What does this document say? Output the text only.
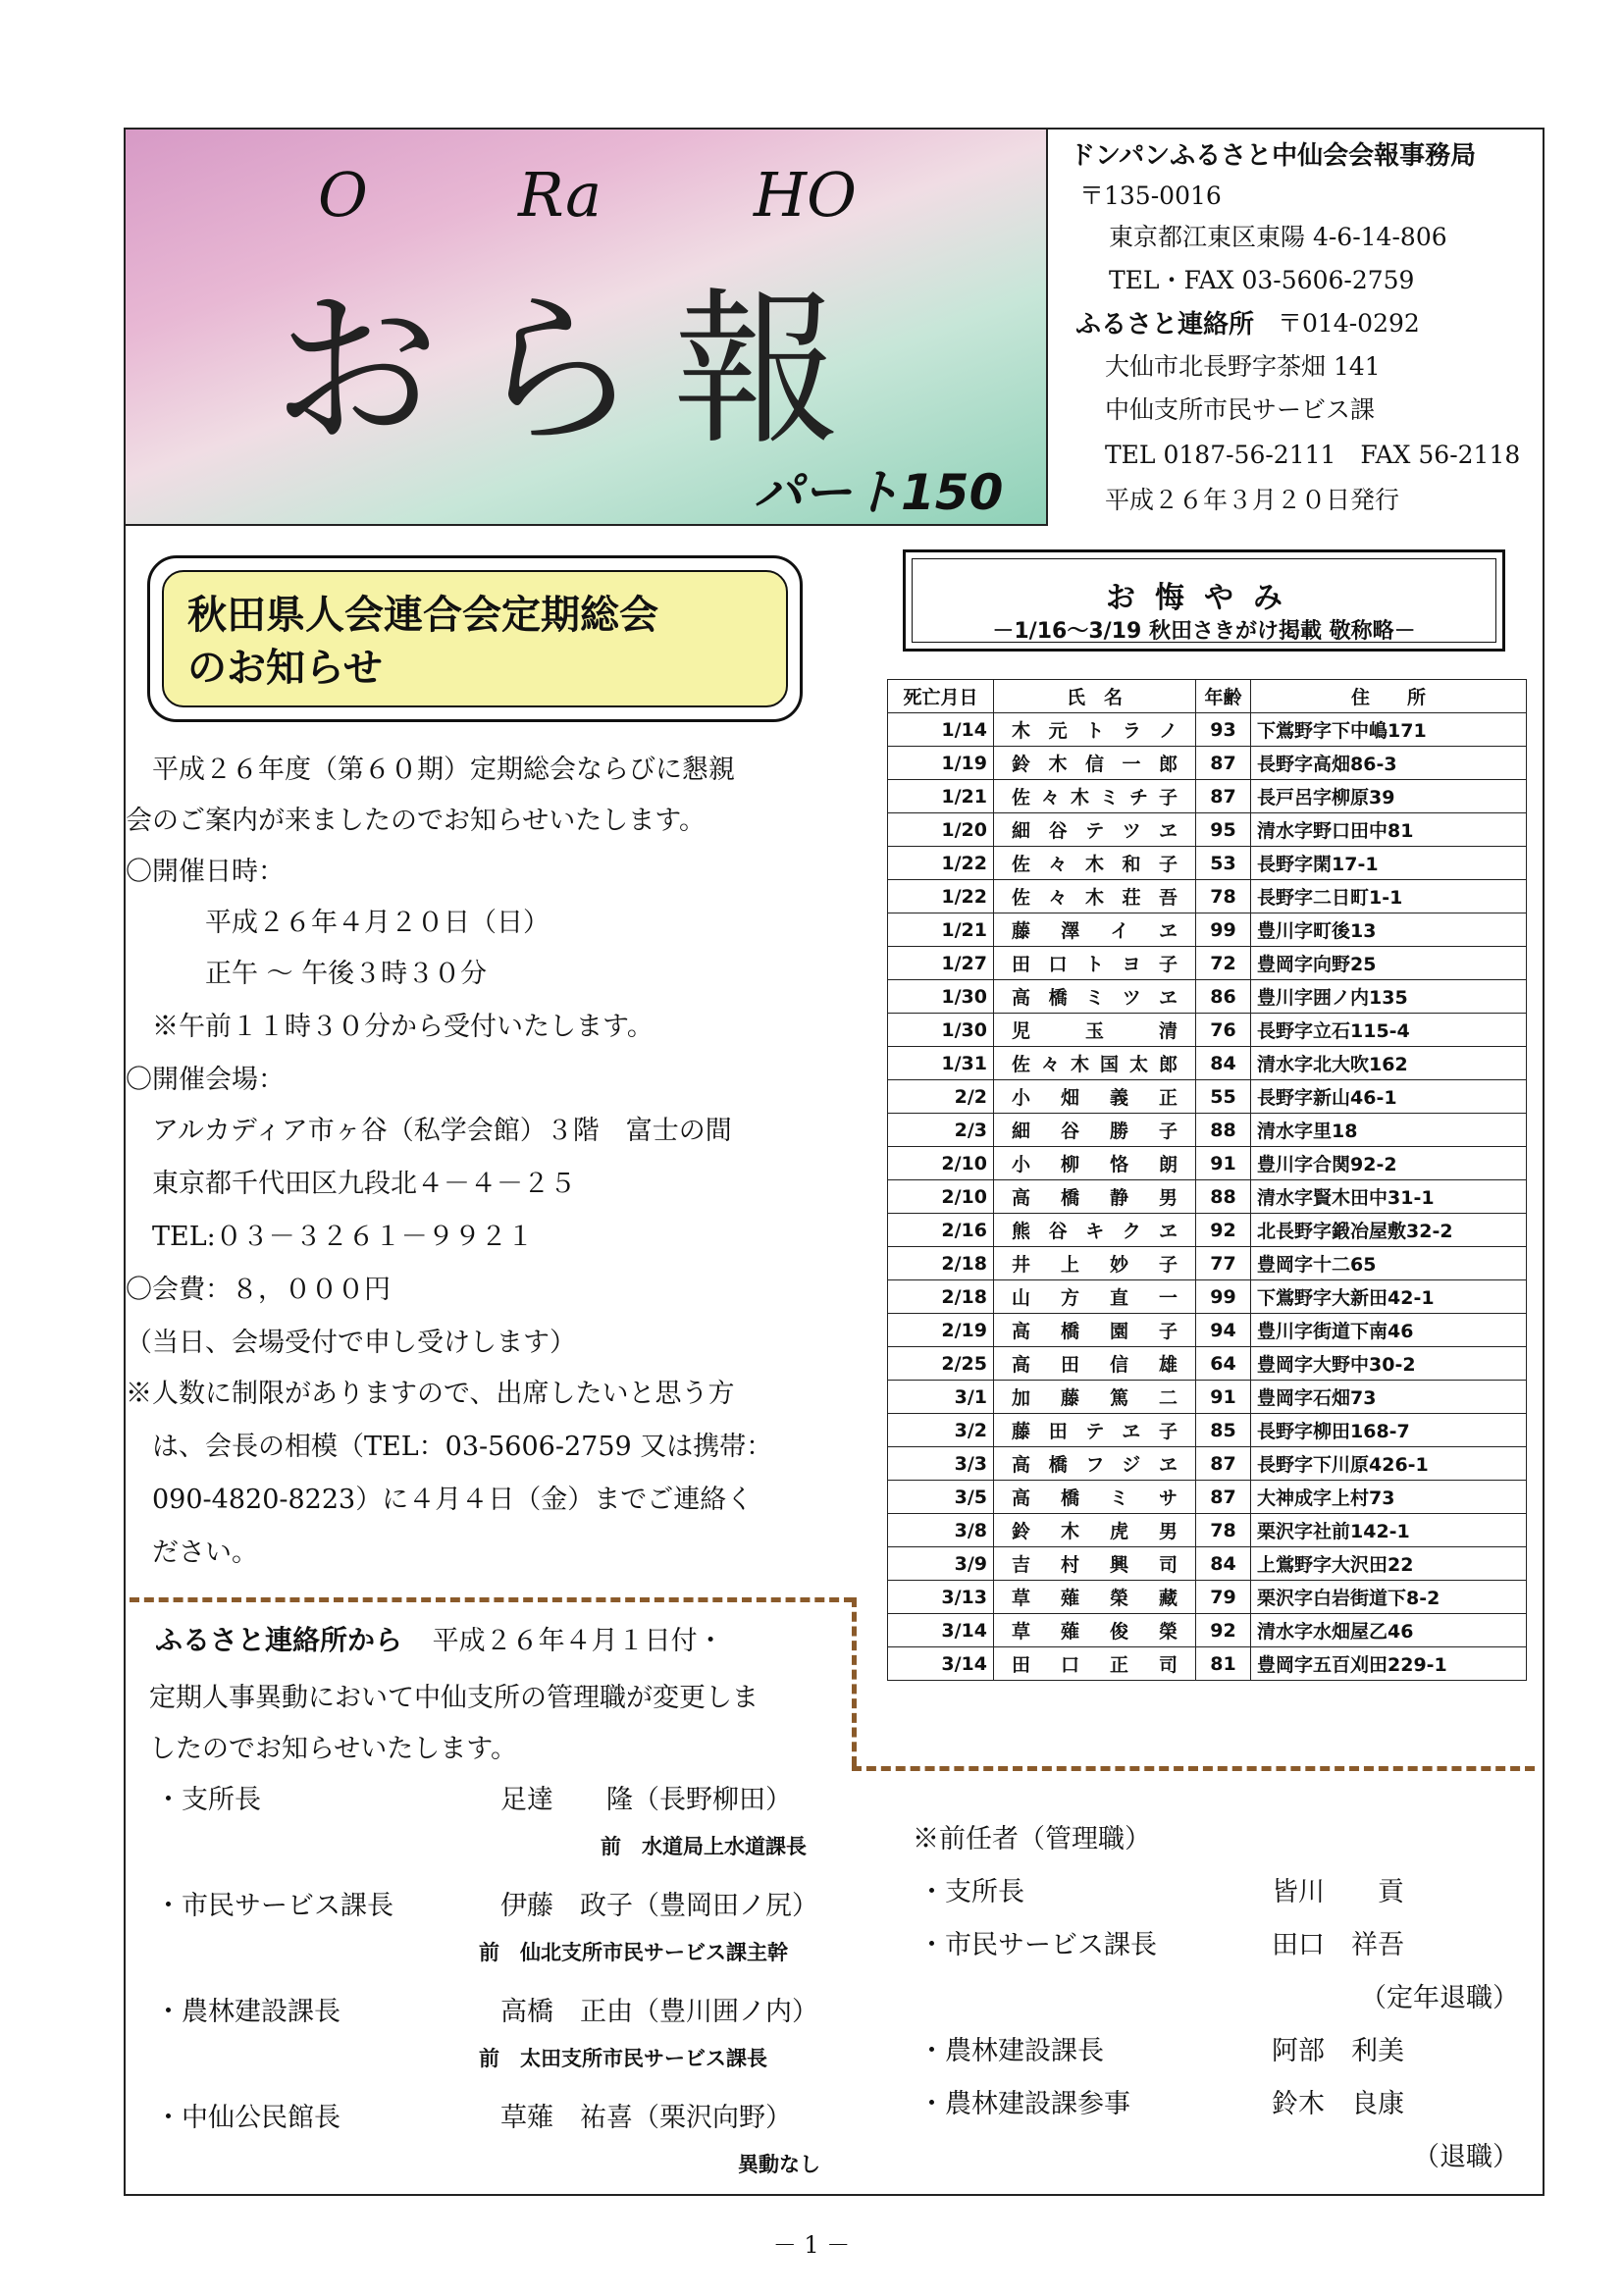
O Ra HO
おら報
パート150
ドンパンふるさと中仙会会報事務局
〒135-0016
東京都江東区東陽 4-6-14-806
TEL・FAX 03-5606-2759
ふるさと連絡所 〒014-0292
大仙市北長野字茶畑 141
中仙支所市民サービス課
TEL 0187-56-2111　FAX 56-2118
平成２６年３月２０日発行
秋田県人会連合会定期総会
のお知らせ
　平成２６年度（第６０期）定期総会ならびに懇親
会のご案内が来ましたのでお知らせいたします。
〇開催日時：
　　　平成２６年４月２０日（日）
　　　正午 ～ 午後３時３０分
　※午前１１時３０分から受付いたします。
〇開催会場：
　アルカディア市ヶ谷（私学会館）３階　富士の間
　東京都千代田区九段北４－４－２５
　TEL:０３－３２６１－９９２１
〇会費：８，０００円
（当日、会場受付で申し受けします）
※人数に制限がありますので、出席したいと思う方
　は、会長の相模（TEL：03-5606-2759 又は携帯：
　090-4820-8223）に４月４日（金）までご連絡く
　ださい。
お悔やみ
－1/16～3/19 秋田さきがけ掲載 敬称略－
死亡月日	氏　名	年齢	住　　所
1/14	木元トラノ	93	下鴬野字下中嶋171
1/19	鈴木信一郎	87	長野字高畑86-3
1/21	佐々木ミチ子	87	長戸呂字柳原39
1/20	細谷テツヱ	95	清水字野口田中81
1/22	佐々木和子	53	長野字閑17-1
1/22	佐々木荘吾	78	長野字二日町1-1
1/21	藤澤イヱ	99	豊川字町後13
1/27	田口トヨ子	72	豊岡字向野25
1/30	高橋ミツヱ	86	豊川字囲ノ内135
1/30	児玉清	76	長野字立石115-4
1/31	佐々木国太郎	84	清水字北大吹162
2/2	小畑義正	55	長野字新山46-1
2/3	細谷勝子	88	清水字里18
2/10	小柳恪朗	91	豊川字合関92-2
2/10	高橋静男	88	清水字賢木田中31-1
2/16	熊谷キクヱ	92	北長野字鍛冶屋敷32-2
2/18	井上妙子	77	豊岡字十二65
2/18	山方直一	99	下鴬野字大新田42-1
2/19	高橋園子	94	豊川字街道下南46
2/25	高田信雄	64	豊岡字大野中30-2
3/1	加藤篤二	91	豊岡字石畑73
3/2	藤田テヱ子	85	長野字柳田168-7
3/3	高橋フジヱ	87	長野字下川原426-1
3/5	高橋ミサ	87	大神成字上村73
3/8	鈴木虎男	78	栗沢字社前142-1
3/9	吉村興司	84	上鴬野字大沢田22
3/13	草薙榮藏	79	栗沢字白岩街道下8-2
3/14	草薙俊榮	92	清水字水畑屋乙46
3/14	田口正司	81	豊岡字五百刈田229-1
ふるさと連絡所から 平成２６年４月１日付・
定期人事異動において中仙支所の管理職が変更しま
したのでお知らせいたします。
・支所長	足達　　隆（長野柳田）
前　水道局上水道課長
・市民サービス課長	伊藤　政子（豊岡田ノ尻）
前　仙北支所市民サービス課主幹
・農林建設課長	高橋　正由（豊川囲ノ内）
前　太田支所市民サービス課長
・中仙公民館長	草薙　祐喜（栗沢向野）
異動なし
※前任者（管理職）
・支所長	皆川　　貢
・市民サービス課長	田口　祥吾
（定年退職）
・農林建設課長	阿部　利美
・農林建設課参事	鈴木　良康
（退職）
－ 1 －
